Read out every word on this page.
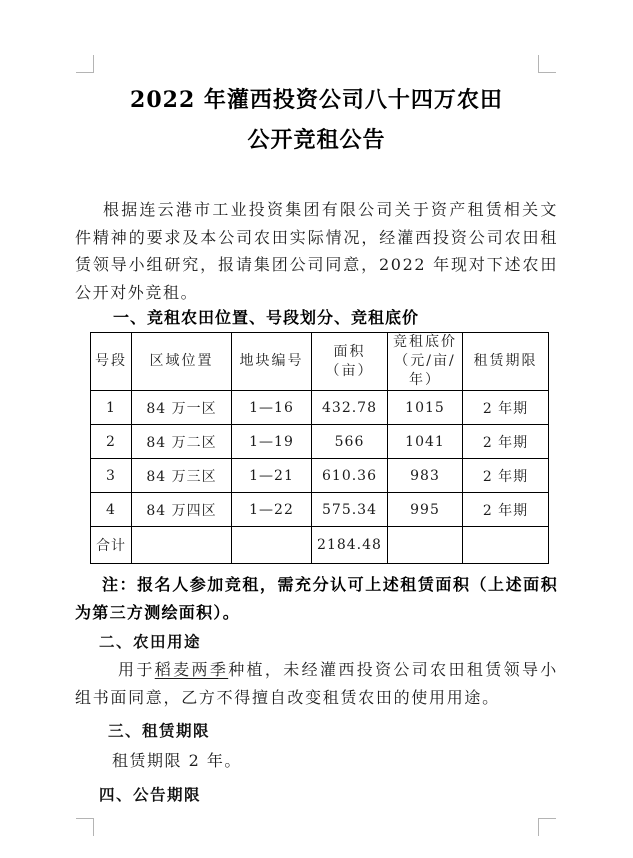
2022 年灌西投资公司八十四万农田
公开竞租公告

根据连云港市工业投资集团有限公司关于资产租赁相关文件精神的要求及本公司农田实际情况，经灌西投资公司农田租赁领导小组研究，报请集团公司同意，2022 年现对下述农田公开对外竞租。

一、竞租农田位置、号段划分、竞租底价
号段	区域位置	地块编号	面积（亩）	竞租底价
（元/亩/年）	租赁期限
1	84 万一区	1—16	432.78	1015	2 年期
2	84 万二区	1—19	566	1041	2 年期
3	84 万三区	1—21	610.36	983	2 年期
4	84 万四区	1—22	575.34	995	2 年期
合计			2184.48		

注：报名人参加竞租，需充分认可上述租赁面积（上述面积为第三方测绘面积）。

二、农田用途

用于稻麦两季种植，未经灌西投资公司农田租赁领导小组书面同意，乙方不得擅自改变租赁农田的使用用途。

三、租赁期限

租赁期限 2 年。

四、公告期限
